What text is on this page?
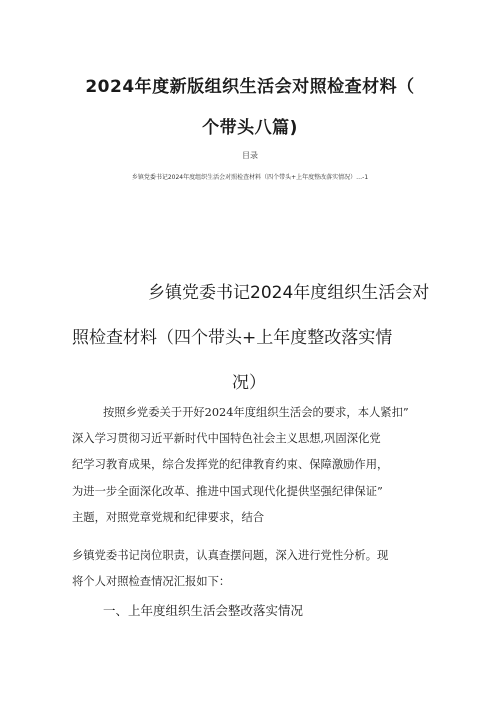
2024年度新版组织生活会对照检查材料（
个带头八篇)
目录
乡镇党委书记2024年度组织生活会对照检查材料（四个带头+上年度整改落实情况）…-1
乡镇党委书记2024年度组织生活会对
照检查材料（四个带头+上年度整改落实情
况）
按照乡党委关于开好2024年度组织生活会的要求，本人紧扣”
深入学习贯彻习近平新时代中国特色社会主义思想,巩固深化党
纪学习教育成果，综合发挥党的纪律教育约束、保障激励作用，
为进一步全面深化改革、推进中国式现代化提供坚强纪律保证”
主题，对照党章党规和纪律要求，结合
乡镇党委书记岗位职责，认真查摆问题，深入进行党性分析。现
将个人对照检查情况汇报如下：
一、上年度组织生活会整改落实情况
